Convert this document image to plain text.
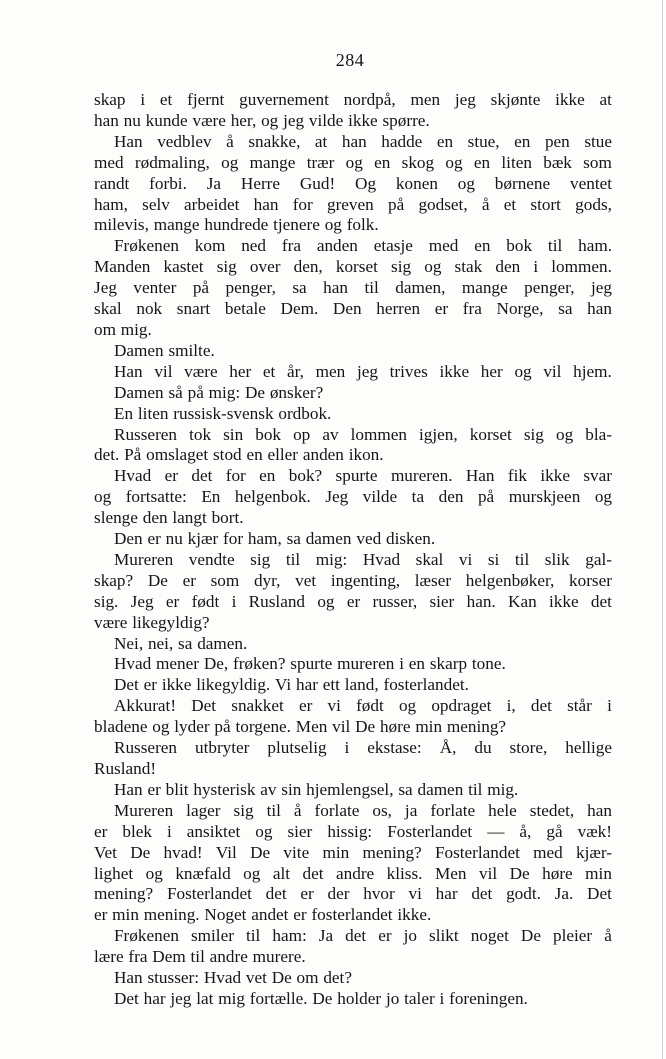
284
skap i et fjernt guvernement nordpå, men jeg skjønte ikke at
han nu kunde være her, og jeg vilde ikke spørre.
Han vedblev å snakke, at han hadde en stue, en pen stue
med rødmaling, og mange trær og en skog og en liten bæk som
randt forbi. Ja Herre Gud! Og konen og børnene ventet
ham, selv arbeidet han for greven på godset, å et stort gods,
milevis, mange hundrede tjenere og folk.
Frøkenen kom ned fra anden etasje med en bok til ham.
Manden kastet sig over den, korset sig og stak den i lommen.
Jeg venter på penger, sa han til damen, mange penger, jeg
skal nok snart betale Dem. Den herren er fra Norge, sa han
om mig.
Damen smilte.
Han vil være her et år, men jeg trives ikke her og vil hjem.
Damen så på mig: De ønsker?
En liten russisk-svensk ordbok.
Russeren tok sin bok op av lommen igjen, korset sig og bla-
det. På omslaget stod en eller anden ikon.
Hvad er det for en bok? spurte mureren. Han fik ikke svar
og fortsatte: En helgenbok. Jeg vilde ta den på murskjeen og
slenge den langt bort.
Den er nu kjær for ham, sa damen ved disken.
Mureren vendte sig til mig: Hvad skal vi si til slik gal-
skap? De er som dyr, vet ingenting, læser helgenbøker, korser
sig. Jeg er født i Rusland og er russer, sier han. Kan ikke det
være likegyldig?
Nei, nei, sa damen.
Hvad mener De, frøken? spurte mureren i en skarp tone.
Det er ikke likegyldig. Vi har ett land, fosterlandet.
Akkurat! Det snakket er vi født og opdraget i, det står i
bladene og lyder på torgene. Men vil De høre min mening?
Russeren utbryter plutselig i ekstase: Å, du store, hellige
Rusland!
Han er blit hysterisk av sin hjemlengsel, sa damen til mig.
Mureren lager sig til å forlate os, ja forlate hele stedet, han
er blek i ansiktet og sier hissig: Fosterlandet — å, gå væk!
Vet De hvad! Vil De vite min mening? Fosterlandet med kjær-
lighet og knæfald og alt det andre kliss. Men vil De høre min
mening? Fosterlandet det er der hvor vi har det godt. Ja. Det
er min mening. Noget andet er fosterlandet ikke.
Frøkenen smiler til ham: Ja det er jo slikt noget De pleier å
lære fra Dem til andre murere.
Han stusser: Hvad vet De om det?
Det har jeg lat mig fortælle. De holder jo taler i foreningen.
